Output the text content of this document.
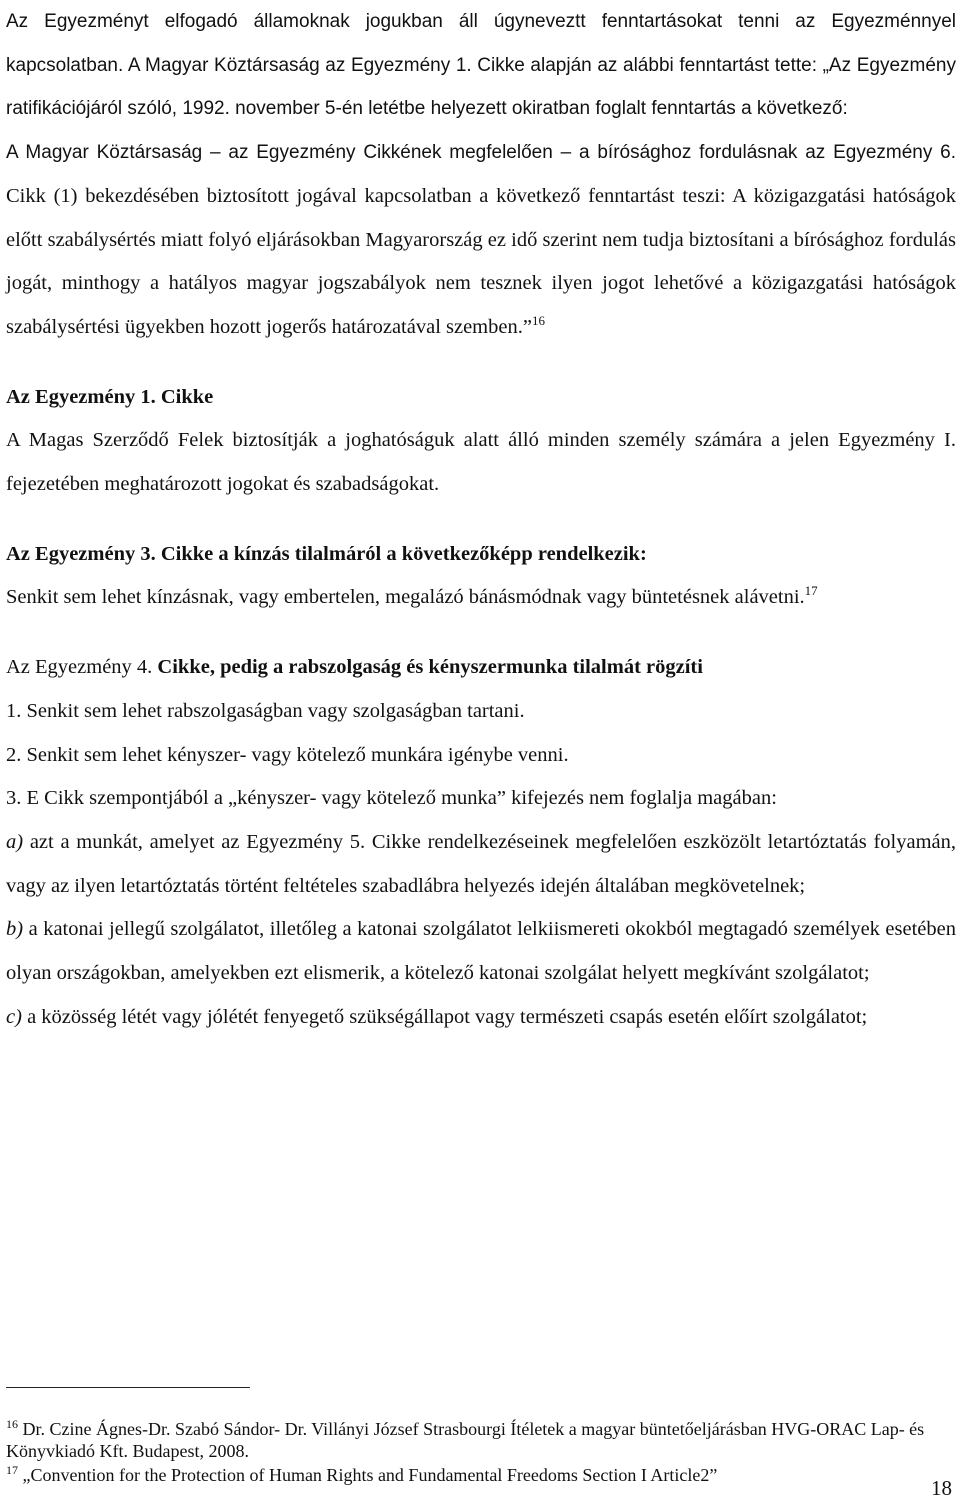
Az Egyezményt elfogadó államoknak jogukban áll úgyneveztt fenntartásokat tenni az Egyezménnyel kapcsolatban. A Magyar Köztársaság az Egyezmény 1. Cikke alapján az alábbi fenntartást tette: „Az Egyezmény ratifikációjáról szóló, 1992. november 5-én letétbe helyezett okiratban foglalt fenntartás a következő:

A Magyar Köztársaság – az Egyezmény Cikkének megfelelően – a bírósághoz fordulásnak az Egyezmény 6. Cikk (1) bekezdésében biztosított jogával kapcsolatban a következő fenntartást teszi: A közigazgatási hatóságok előtt szabálysértés miatt folyó eljárásokban Magyarország ez idő szerint nem tudja biztosítani a bírósághoz fordulás jogát, minthogy a hatályos magyar jogszabályok nem tesznek ilyen jogot lehetővé a közigazgatási hatóságok szabálysértési ügyekben hozott jogerős határozatával szemben.”$^{16}$

Az Egyezmény 1. Cikke

A Magas Szerződő Felek biztosítják a joghatóságuk alatt álló minden személy számára a jelen Egyezmény I. fejezetében meghatározott jogokat és szabadságokat.

Az Egyezmény 3. Cikke a kínzás tilalmáról a következőképp rendelkezik:

Senkit sem lehet kínzásnak, vagy embertelen, megalázó bánásmódnak vagy büntetésnek alávetni.$^{17}$

Az Egyezmény 4. Cikke, pedig a rabszolgaság és kényszermunka tilalmát rögzíti

1. Senkit sem lehet rabszolgaságban vagy szolgaságban tartani.

2. Senkit sem lehet kényszer- vagy kötelező munkára igénybe venni.

3. E Cikk szempontjából a „kényszer- vagy kötelező munka” kifejezés nem foglalja magában:

a) azt a munkát, amelyet az Egyezmény 5. Cikke rendelkezéseinek megfelelően eszközölt letartóztatás folyamán, vagy az ilyen letartóztatás történt feltételes szabadlábra helyezés idején általában megkövetelnek;

b) a katonai jellegű szolgálatot, illetőleg a katonai szolgálatot lelkiismereti okokból megtagadó személyek esetében olyan országokban, amelyekben ezt elismerik, a kötelező katonai szolgálat helyett megkívánt szolgálatot;

c) a közösség létét vagy jólétét fenyegető szükségállapot vagy természeti csapás esetén előírt szolgálatot;

$^{16}$ Dr. Czine Ágnes-Dr. Szabó Sándor- Dr. Villányi József Strasbourgi Ítéletek a magyar büntetőeljárásban HVG-ORAC Lap- és Könyvkiadó Kft. Budapest, 2008.

$^{17}$ „Convention for the Protection of Human Rights and Fundamental Freedoms Section I Article2”

18
